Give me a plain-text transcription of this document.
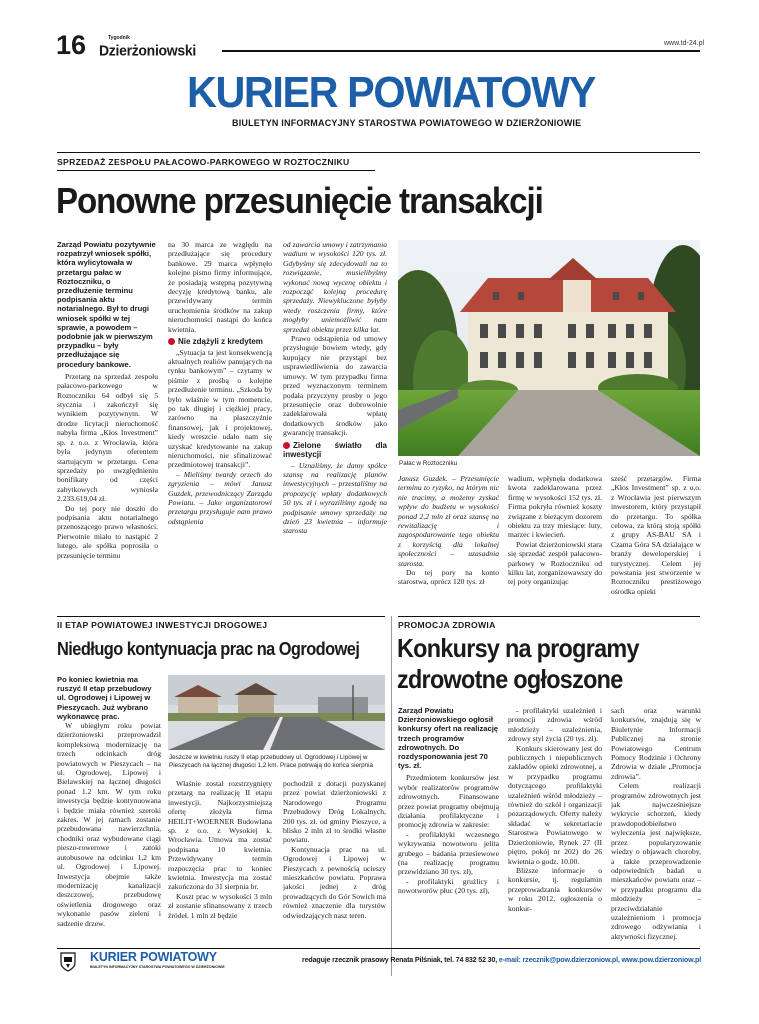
16	Tygodnik
Dzierżoniowski	www.td-24.pl
KURIER POWIATOWY
BIULETYN INFORMACYJNY STAROSTWA POWIATOWEGO W DZIERŻONIOWIE
SPRZEDAŻ ZESPOŁU PAŁACOWO-PARKOWEGO W ROZTOCZNIKU
Ponowne przesunięcie transakcji

Zarząd Powiatu pozytywnie rozpatrzył wniosek spółki, która wylicytowała w przetargu pałac w Roztoczniku, o przedłużenie terminu podpisania aktu notarialnego. Był to drugi wniosek spółki w tej sprawie, a powodem – podobnie jak w pierwszym przypadku – były przedłużające się procedury bankowe.

Przetarg na sprzedaż zespołu pałacowo-parkowego w Roztoczniku 64 odbył się 5 stycznia i zakończył się wynikiem pozytywnym. W drodze licytacji nieruchomość nabyła firma „Kłos Investment” sp. z o.o. z Wrocławia, która była jedynym oferentem startującym w przetargu. Cena sprzedaży po uwzględnieniu bonifikaty od części zabytkowych wyniosła 2.233.619,04 zł.

Do tej pory nie doszło do podpisania aktu notarialnego przenoszącego prawo własności. Pierwotnie miało to nastąpić 2 lutego, ale spółka poprosiła o przesunięcie terminu

na 30 marca ze względu na przedłużające się procedury bankowe. 29 marca wpłynęło kolejne pismo firmy informujące, że posiadają wstępną pozytywną decyzję kredytową banku, ale przewidywany termin uruchomienia środków na zakup nieruchomości nastąpi do końca kwietnia.

Nie zdążyli z kredytem

„Sytuacja ta jest konsekwencją aktualnych realiów panujących na rynku bankowym” – czytamy w piśmie z prośbą o kolejne przedłużenie terminu. „Szkoda by było właśnie w tym momencie, po tak długiej i ciężkiej pracy, zarówno na płaszczyźnie finansowej, jak i projektowej, kiedy wreszcie udało nam się uzyskać kredytowanie na zakup nieruchomości, nie sfinalizować przedmiotowej transakcji”.

– Mieliśmy twardy orzech do zgryzienia – mówi Janusz Guzdek, przewodniczący Zarządu Powiatu. – Jako organizatorowi przetargu przysługuje nam prawo odstąpienia

od zawarcia umowy i zatrzymania wadium w wysokości 120 tys. zł. Gdybyśmy się zdecydowali na to rozwiązanie, musielibyśmy wykonać nową wycenę obiektu i rozpocząć kolejną procedurę sprzedaży. Niewykluczone byłyby wtedy roszczenia firmy, które mogłyby uniemożliwić nam sprzedaż obiektu przez kilka lat.

Prawo odstąpienia od umowy przysługuje bowiem wtedy, gdy kupujący nie przystąpi bez usprawiedliwienia do zawarcia umowy. W tym przypadku firma przed wyznaczonym terminem podała przyczyny prosby o jego przesunięcie oraz dobrowolnie zadeklarowała wpłatę dodatkowych środków jako gwarancję transakcji.

Zielone światło dla inwestycji

– Uznaliśmy, że damy spółce szansę na realizację planów inwestycyjnych – przestaliśmy na propozycję wpłaty dodatkowych 50 tys. zł i wyraziliśmy zgodę na podpisanie umowy sprzedaży na dzień 23 kwietnia – informuje starosta

Pałac w Roztoczniku

Janusz Guzdek. – Przesunięcie terminu to ryzyko, na którym nic nie tracimy, a możemy zyskać wpływ do budżetu w wysokości ponad 2,2 mln zł oraz szansę na rewitalizację i zagospodarowanie tego obiektu z korzyścią dla lokalnej społeczności – uzasadnia starosta.

Do tej pory na konto starostwa, oprócz 120 tys. zł

wadium, wpłynęła dodatkowa kwota zadeklarowana przez firmę w wysokości 152 tys. zł. Firma pokryła również koszty związane z bieżącym dozorem obiektu za trzy miesiące: luty, marzec i kwiecień.

Powiat dzierżoniowski stara się sprzedać zespół pałacowo-parkowy w Roztoczniku od kilku lat, zorganizowawszy do tej pory organizując

sześć przetargów. Firma „Kłos Investment” sp. z o.o. z Wrocławia jest pierwszym inwestorem, który przystąpił do przetargu. To spółka celowa, za którą stoją spółki z grupy AS-BAU SA i Czama Góra SA działające w branży deweloperskiej i turystycznej. Celem jej powstania jest stworzenie w Roztoczniku prestiżowego ośrodka opieki

II ETAP POWIATOWEJ INWESTYCJI DROGOWEJ
Niedługo kontynuacja prac na Ogrodowej

Po koniec kwietnia ma ruszyć II etap przebudowy ul. Ogrodowej i Lipowej w Pieszycach. Już wybrano wykonawcę prac.

W ubiegłym roku powiat dzierżoniowski przeprowadził kompleksową modernizację na trzech odcinkach dróg powiatowych w Pieszycach – na ul. Ogrodowej, Lipowej i Bielawskiej na łącznej długości ponad 1.2 km. W tym roku inwestycja będzie kontynuowana i będzie miała również szeroki zakres. W jej ramach zostanie przebudowana nawierzchnia, chodniki oraz wybudowane ciągi pieszo-rowerowe i zatoki autobusowe na odcinku 1,2 km ul. Ogrodowej i Lipowej. Inwestycja obejmie także modernizację kanalizacji deszczowej, przebudowę oświetlenia drogowego oraz wykonanie pasów zieleni i sadzenie drzew.

Jeszcze w kwietniu ruszy II etap przebudowy ul. Ogrodowej i Lipowej w Pieszycach na łącznej długości 1,2 km. Prace potrwają do końca sierpnia

Właśnie został rozstrzygnięty przetarg na realizację II etapu inwestycji. Najkorzystniejszą ofertę złożyła firma HEILIT+WOERNER Budowlana sp. z o.o. z Wysokiej k. Wrocławia. Umowa ma zostać podpisana 10 kwietnia. Przewidywany termin rozpoczęcia prac to koniec kwietnia. Inwestycja ma zostać zakończona do 31 sierpnia br.

Koszt prac w wysokości 3 mln zł zostanie sfinansowany z trzech źródeł. 1 mln zł będzie

pochodził z dotacji pozyskanej przez powiat dzierżoniowski z Narodowego Programu Przebudowy Dróg Lokalnych, 200 tys. zł. od gminy Pieszyce, a blisko 2 mln zł to środki własne powiatu.

Kontynuacja prac na ul. Ogrodowej i Lipowej w Pieszycach z pewnością ucieszy mieszkańców powiatu. Poprawa jakości jednej z dróg prowadzących do Gór Sowich ma również znaczenie dla turystów odwiedzających nasz teren.

PROMOCJA ZDROWIA
Konkursy na programy
zdrowotne ogłoszone

Zarząd Powiatu Dzierżoniowskiego ogłosił konkursy ofert na realizację trzech programów zdrowotnych. Do rozdysponowania jest 70 tys. zł.

Przedmiotem konkursów jest wybór realizatorów programów zdrowotnych. Finansowane przez powiat programy obejmują działania profilaktyczne i promocję zdrowia w zakresie:

- profilaktyki wczesnego wykrywania nowotworu jelita grubego – badania przesiewowe (na realizację programu przewidziano 30 tys. zł),

- profilaktyki grużlicy i nowotworów płuc (20 tys. zł),

- profilaktyki uzależnień i promocji zdrowia wśród młodzieży – uzależnienia, zdrowy styl życia (20 tys. zł).

Konkurs skierowany jest do publicznych i niepublicznych zakładów opieki zdrowotnej, a w przypadku programu dotyczącego profilaktyki uzależnień wśród młodzieży – również do szkół i organizacji pozarządowych. Oferty należy składać w sekretariacie Starostwa Powiatowego w Dzierżoniowie, Rynek 27 (II piętro, pokój nr 202) do 26 kwietnia o godz. 10.00.

Bliższe informacje o konkursie, tj. regulamin przeprowadzania konkursów w roku 2012, ogłoszenia o konkur-

sach oraz warunki konkursów, znajdują się w Biuletynie Informacji Publicznej na stronie Powiatowego Centrum Pomocy Rodzinie i Ochrony Zdrowia w dziale „Promocja zdrowia”.

Celem realizacji programów zdrowotnych jest jak najwcześniejsze wykrycie schorzeń, kiedy prawdopodobieństwo wyleczenia jest największe, przez popularyzowanie wiedzy o objawach choroby, a także przeprowadzenie odpowiednich badań u mieszkańców powiatu oraz – w przypadku programu dla młodzieży – przeciwdziałanie uzależnieniom i promocja zdrowego odżywiania i aktywności fizycznej.

KURIER POWIATOWY
BIULETYN INFORMACYJNY STAROSTWA POWIATOWEGO W DZIERŻONIOWIE
redaguje rzecznik prasowy Renata Pilśniak, tel. 74 832 52 30, e-mail: rzecznik@pow.dzierzoniow.pl, www.pow.dzierzoniow.pl
